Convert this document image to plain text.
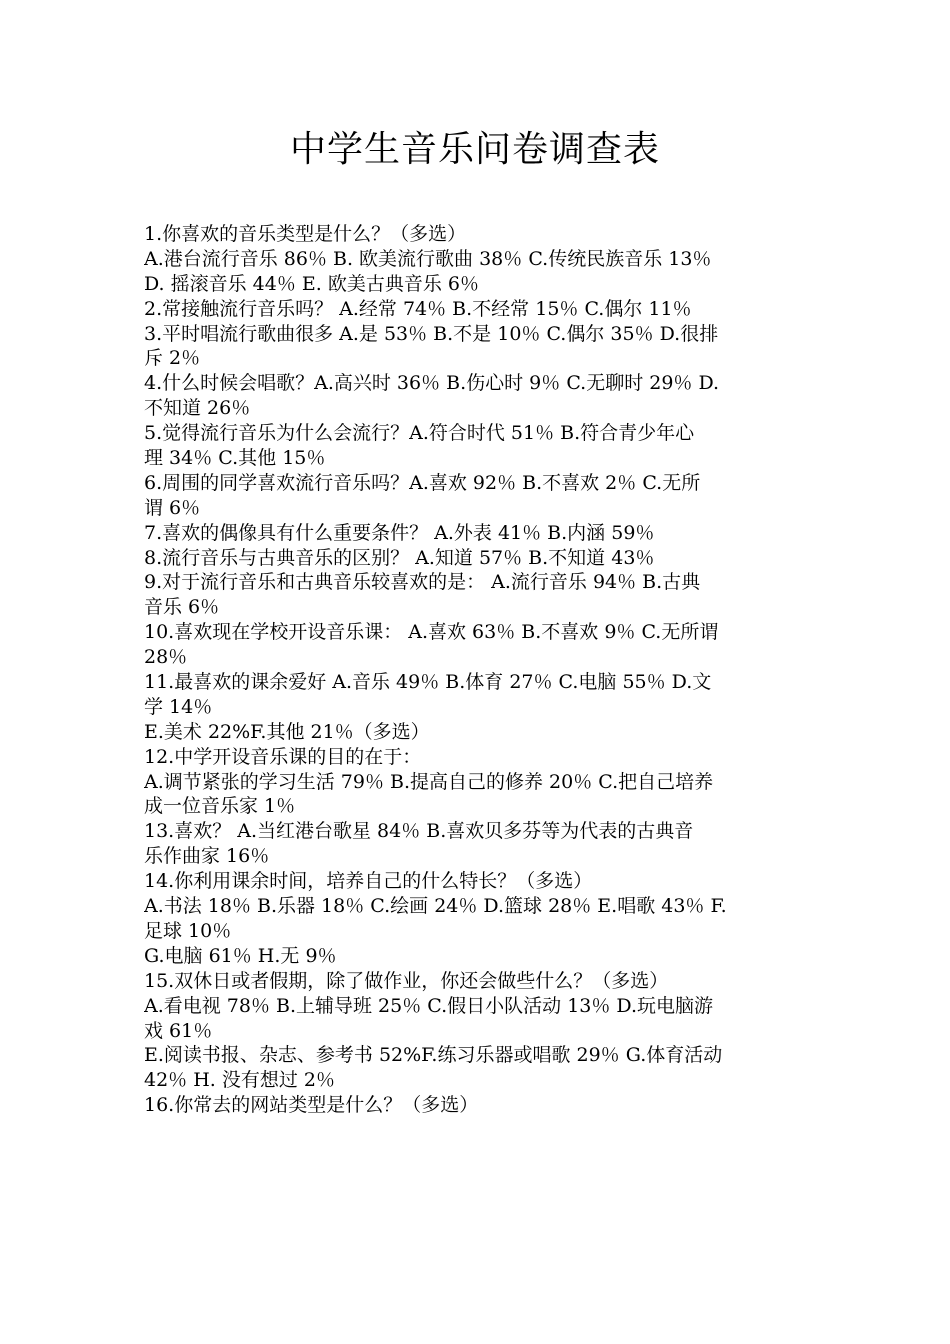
中学生音乐问卷调查表
1.你喜欢的音乐类型是什么？（多选）
A.港台流行音乐 86％ B. 欧美流行歌曲 38％ C.传统民族音乐 13％
D. 摇滚音乐 44％ E. 欧美古典音乐 6％
2.常接触流行音乐吗？ A.经常 74％ B.不经常 15％ C.偶尔 11％
3.平时唱流行歌曲很多 A.是 53％ B.不是 10％ C.偶尔 35％ D.很排
斥 2％
4.什么时候会唱歌？A.高兴时 36％ B.伤心时 9％ C.无聊时 29％ D.
不知道 26％
5.觉得流行音乐为什么会流行？A.符合时代 51％ B.符合青少年心
理 34％ C.其他 15％
6.周围的同学喜欢流行音乐吗？A.喜欢 92％ B.不喜欢 2％ C.无所
谓 6％
7.喜欢的偶像具有什么重要条件？ A.外表 41％ B.内涵 59％
8.流行音乐与古典音乐的区别？ A.知道 57％ B.不知道 43％
9.对于流行音乐和古典音乐较喜欢的是： A.流行音乐 94％ B.古典
音乐 6％
10.喜欢现在学校开设音乐课： A.喜欢 63％ B.不喜欢 9％ C.无所谓
28％
11.最喜欢的课余爱好 A.音乐 49％ B.体育 27％ C.电脑 55％ D.文
学 14％
E.美术 22%F.其他 21％（多选）
12.中学开设音乐课的目的在于：
A.调节紧张的学习生活 79％ B.提高自己的修养 20％ C.把自己培养
成一位音乐家 1％
13.喜欢？ A.当红港台歌星 84％ B.喜欢贝多芬等为代表的古典音
乐作曲家 16％
14.你利用课余时间，培养自己的什么特长？（多选）
A.书法 18％ B.乐器 18％ C.绘画 24％ D.篮球 28％ E.唱歌 43％ F.
足球 10％
G.电脑 61％ H.无 9％
15.双休日或者假期，除了做作业，你还会做些什么？（多选）
A.看电视 78％ B.上辅导班 25％ C.假日小队活动 13％ D.玩电脑游
戏 61％
E.阅读书报、杂志、参考书 52%F.练习乐器或唱歌 29％ G.体育活动
42％ H. 没有想过 2％
16.你常去的网站类型是什么？（多选）
